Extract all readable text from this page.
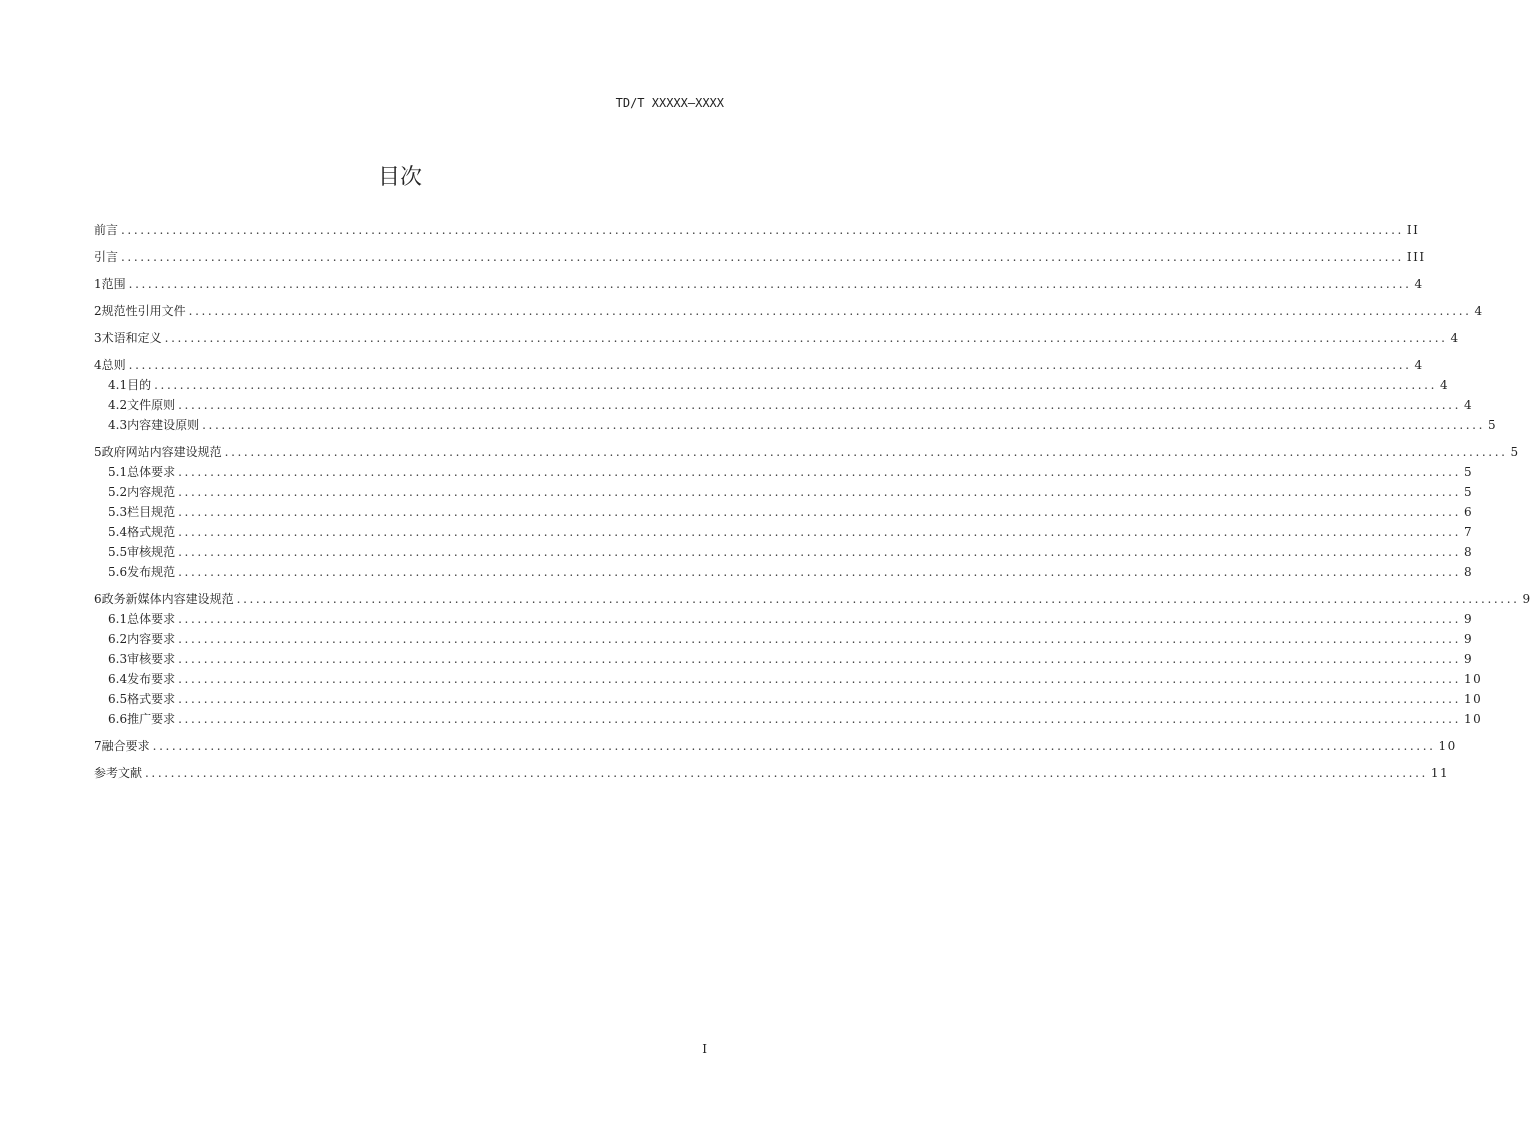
TD/T XXXXX—XXXX
目次
前言 ........................................................................................................................................................................................................ II
引言 ........................................................................................................................................................................................................ III
1 范围 ........................................................................................................................................................................................................ 4
2 规范性引用文件 ........................................................................................................................................................................................................ 4
3 术语和定义 ........................................................................................................................................................................................................ 4
4 总则 ........................................................................................................................................................................................................ 4
4.1 目的 ........................................................................................................................................................................................................ 4
4.2 文件原则 ........................................................................................................................................................................................................ 4
4.3 内容建设原则 ........................................................................................................................................................................................................ 5
5 政府网站内容建设规范 ........................................................................................................................................................................................................ 5
5.1 总体要求 ........................................................................................................................................................................................................ 5
5.2 内容规范 ........................................................................................................................................................................................................ 5
5.3 栏目规范 ........................................................................................................................................................................................................ 6
5.4 格式规范 ........................................................................................................................................................................................................ 7
5.5 审核规范 ........................................................................................................................................................................................................ 8
5.6 发布规范 ........................................................................................................................................................................................................ 8
6 政务新媒体内容建设规范 ........................................................................................................................................................................................................ 9
6.1 总体要求 ........................................................................................................................................................................................................ 9
6.2 内容要求 ........................................................................................................................................................................................................ 9
6.3 审核要求 ........................................................................................................................................................................................................ 9
6.4 发布要求 ........................................................................................................................................................................................................ 10
6.5 格式要求 ........................................................................................................................................................................................................ 10
6.6 推广要求 ........................................................................................................................................................................................................ 10
7 融合要求 ........................................................................................................................................................................................................ 10
参考文献 ........................................................................................................................................................................................................ 11
I
